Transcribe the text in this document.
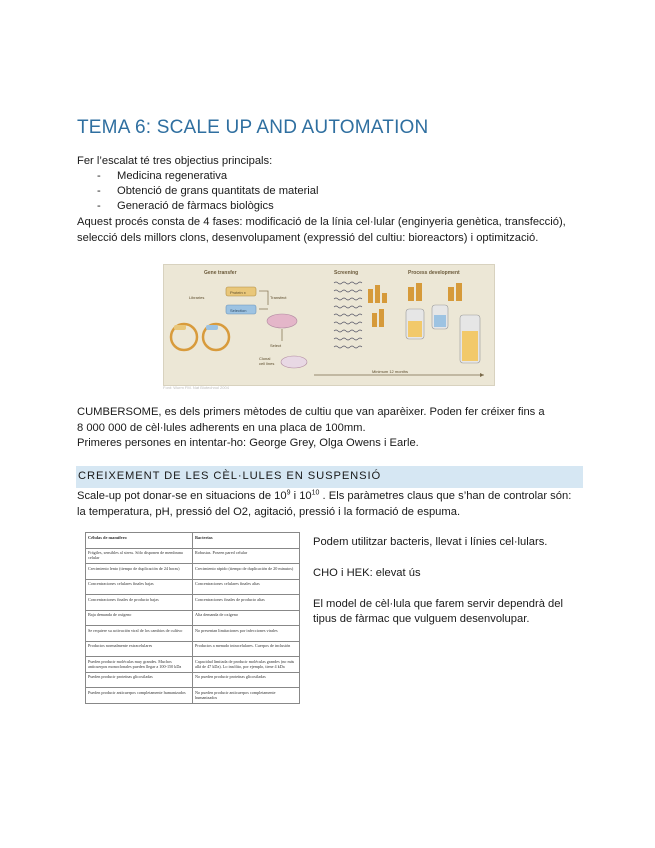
TEMA 6: SCALE UP AND AUTOMATION
Fer l’escalat té tres objectius principals:
- Medicina regenerativa
- Obtenció de grans quantitats de material
- Generació de fàrmacs biològics
Aquest procés consta de 4 fases: modificació de la línia cel·lular (enginyeria genètica, transfecció),
selecció dels millors clons, desenvolupament (expressió del cultiu: bioreactors) i optimització.
Gene transfer	Screening	Process development
Protein x
Selection
Libraries	Transfect
Select
Clonal
cell lines
Minimum 12 months
Font: Wurm FM. Nat Biotechnol 2004
CUMBERSOME, es dels primers mètodes de cultiu que van aparèixer. Poden fer créixer fins a
8 000 000 de cèl·lules adherents en una placa de 100mm.
Primeres persones en intentar-ho: George Grey, Olga Owens i Earle.
CREIXEMENT DE LES CÈL·LULES EN SUSPENSIÓ
Scale-up pot donar-se en situacions de $10^9$ i $10^{10}$ . Els paràmetres claus que s’han de controlar són:
la temperatura, pH, pressió del O2, agitació, pressió i la formació de espuma.
Células de mamífero	Bacterias
Frágiles, sensibles al stress. Sólo disponen de membrana celular	Robustas. Poseen pared celular
Crecimiento lento (tiempo de duplicación de 24 horas)	Crecimiento rápido (tiempo de duplicación de 20 minutos)
Concentraciones celulares finales bajas	Concentraciones celulares finales altas
Concentraciones finales de producto bajas	Concentraciones finales de producto altas
Baja demanda de oxígeno	Alta demanda de oxígeno
Se requiere su activación viral de los cambios de cultivo	No presentan limitaciones por infecciones virales
Productos normalmente extracelulares	Productos a menudo intracelulares. Cuerpos de inclusión
Pueden producir moléculas muy grandes. Muchos anticuerpos monoclonales pueden llegar a 100-150 kDa	Capacidad limitada de producir moléculas grandes (no más allá de 47 kDa). Lo insólito, por ejemplo, tiene 4 kDa
Pueden producir proteínas glicosiladas	No pueden producir proteínas glicosiladas
Pueden producir anticuerpos completamente humanizados	No pueden producir anticuerpos completamente humanizados
Podem utilitzar bacteris, llevat i línies cel·lulars.
CHO i HEK: elevat ús
El model de cèl·lula que farem servir dependrà del
tipus de fàrmac que vulguem desenvolupar.
